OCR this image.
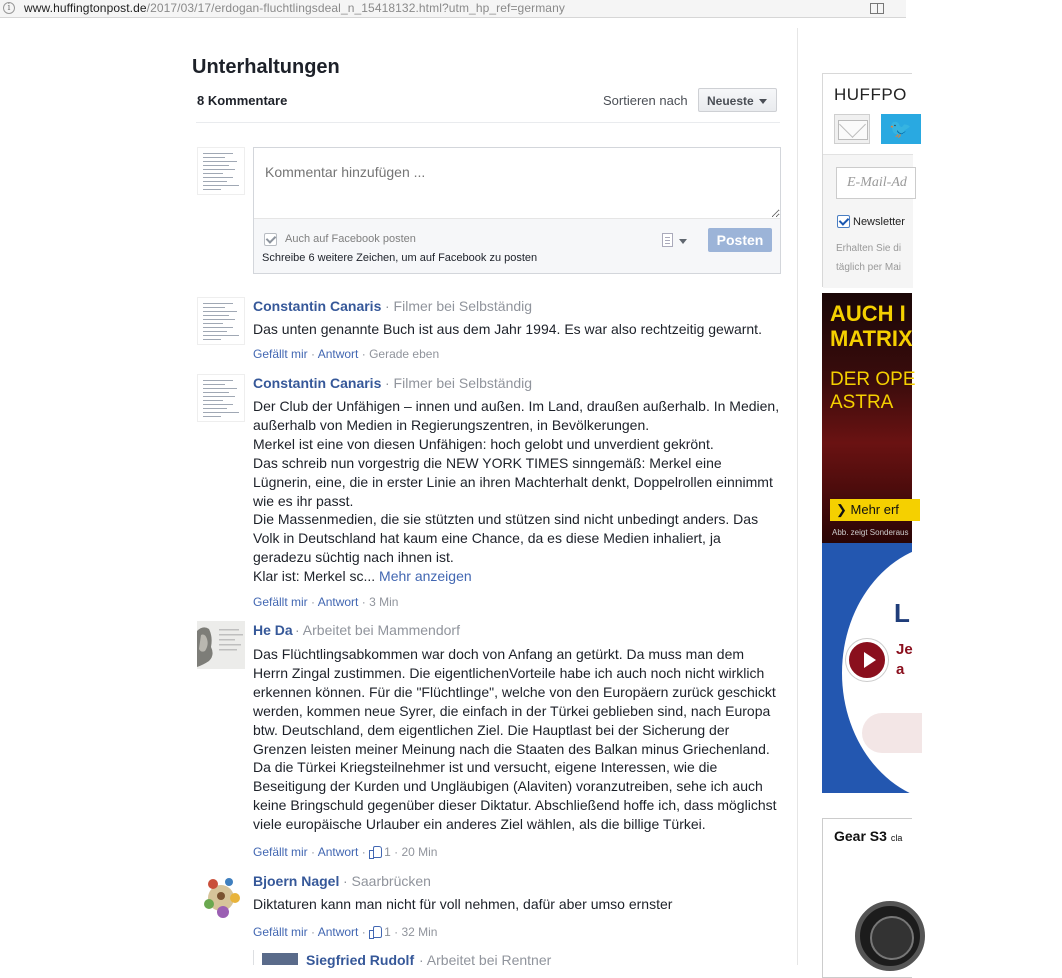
i	www.huffingtonpost.de/2017/03/17/erdogan-fluchtlingsdeal_n_15418132.html?utm_hp_ref=germany
Unterhaltungen
8 Kommentare	Sortieren nach	Neueste
Kommentar hinzufügen ...
Auch auf Facebook posten
Schreibe 6 weitere Zeichen, um auf Facebook zu posten
Posten
Constantin Canaris · Filmer bei Selbständig
Das unten genannte Buch ist aus dem Jahr 1994. Es war also rechtzeitig gewarnt.
Gefällt mir · Antwort · Gerade eben
Constantin Canaris · Filmer bei Selbständig
Der Club der Unfähigen – innen und außen. Im Land, draußen außerhalb. In Medien,
außerhalb von Medien in Regierungszentren, in Bevölkerungen.
Merkel ist eine von diesen Unfähigen: hoch gelobt und unverdient gekrönt.
Das schreib nun vorgestrig die NEW YORK TIMES sinngemäß: Merkel eine
Lügnerin, eine, die in erster Linie an ihren Machterhalt denkt, Doppelrollen einnimmt
wie es ihr passt.
Die Massenmedien, die sie stützten und stützen sind nicht unbedingt anders. Das
Volk in Deutschland hat kaum eine Chance, da es diese Medien inhaliert, ja
geradezu süchtig nach ihnen ist.
Klar ist: Merkel sc... Mehr anzeigen
Gefällt mir · Antwort · 3 Min
He Da · Arbeitet bei Mammendorf
Das Flüchtlingsabkommen war doch von Anfang an getürkt. Da muss man dem
Herrn Zingal zustimmen. Die eigentlichenVorteile habe ich auch noch nicht wirklich
erkennen können. Für die "Flüchtlinge", welche von den Europäern zurück geschickt
werden, kommen neue Syrer, die einfach in der Türkei geblieben sind, nach Europa
btw. Deutschland, dem eigentlichen Ziel. Die Hauptlast bei der Sicherung der
Grenzen leisten meiner Meinung nach die Staaten des Balkan minus Griechenland.
Da die Türkei Kriegsteilnehmer ist und versucht, eigene Interessen, wie die
Beseitigung der Kurden und Ungläubigen (Alaviten) voranzutreiben, sehe ich auch
keine Bringschuld gegenüber dieser Diktatur. Abschließend hoffe ich, dass möglichst
viele europäische Urlauber ein anderes Ziel wählen, als die billige Türkei.
Gefällt mir · Antwort · 1 · 20 Min
Bjoern Nagel · Saarbrücken
Diktaturen kann man nicht für voll nehmen, dafür aber umso ernster
Gefällt mir · Antwort · 1 · 32 Min
Siegfried Rudolf · Arbeitet bei Rentner
HUFFPO
🐦
E-Mail-Ad
Newsletter
Erhalten Sie di
täglich per Mai
AUCH I
MATRIX
DER OPE
ASTRA
❯ Mehr erf
Abb. zeigt Sonderaus
L
Je
a
Gear S3 cla
